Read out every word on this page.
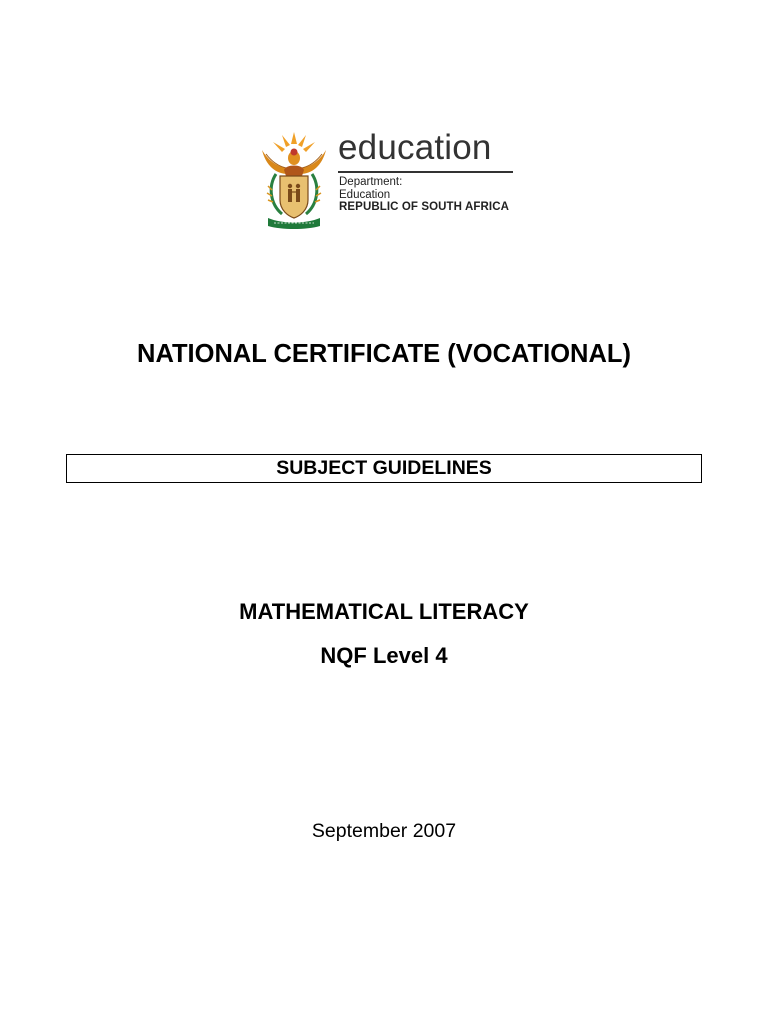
education
Department:
Education
REPUBLIC OF SOUTH AFRICA
NATIONAL CERTIFICATE (VOCATIONAL)
SUBJECT GUIDELINES
MATHEMATICAL LITERACY
NQF Level 4
September 2007
